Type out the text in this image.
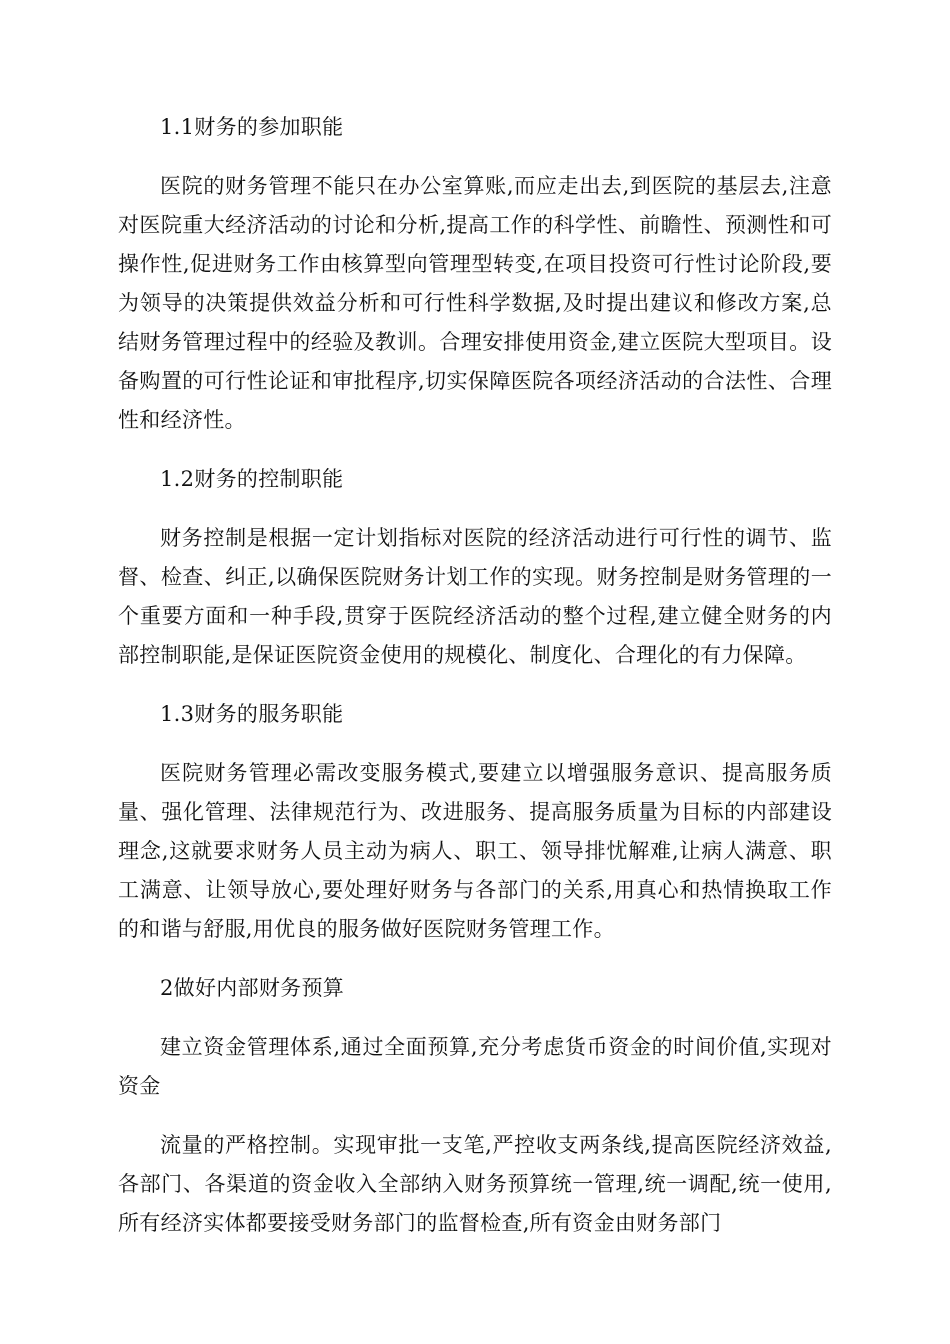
1.1财务的参加职能

医院的财务管理不能只在办公室算账,而应走出去,到医院的基层去,注意对医院重大经济活动的讨论和分析,提高工作的科学性、前瞻性、预测性和可操作性,促进财务工作由核算型向管理型转变,在项目投资可行性讨论阶段,要为领导的决策提供效益分析和可行性科学数据,及时提出建议和修改方案,总结财务管理过程中的经验及教训。合理安排使用资金,建立医院大型项目。设备购置的可行性论证和审批程序,切实保障医院各项经济活动的合法性、合理性和经济性。

1.2财务的控制职能

财务控制是根据一定计划指标对医院的经济活动进行可行性的调节、监督、检查、纠正,以确保医院财务计划工作的实现。财务控制是财务管理的一个重要方面和一种手段,贯穿于医院经济活动的整个过程,建立健全财务的内部控制职能,是保证医院资金使用的规模化、制度化、合理化的有力保障。

1.3财务的服务职能

医院财务管理必需改变服务模式,要建立以增强服务意识、提高服务质量、强化管理、法律规范行为、改进服务、提高服务质量为目标的内部建设理念,这就要求财务人员主动为病人、职工、领导排忧解难,让病人满意、职工满意、让领导放心,要处理好财务与各部门的关系,用真心和热情换取工作的和谐与舒服,用优良的服务做好医院财务管理工作。

2做好内部财务预算

建立资金管理体系,通过全面预算,充分考虑货币资金的时间价值,实现对资金

流量的严格控制。实现审批一支笔,严控收支两条线,提高医院经济效益,各部门、各渠道的资金收入全部纳入财务预算统一管理,统一调配,统一使用,所有经济实体都要接受财务部门的监督检查,所有资金由财务部门
